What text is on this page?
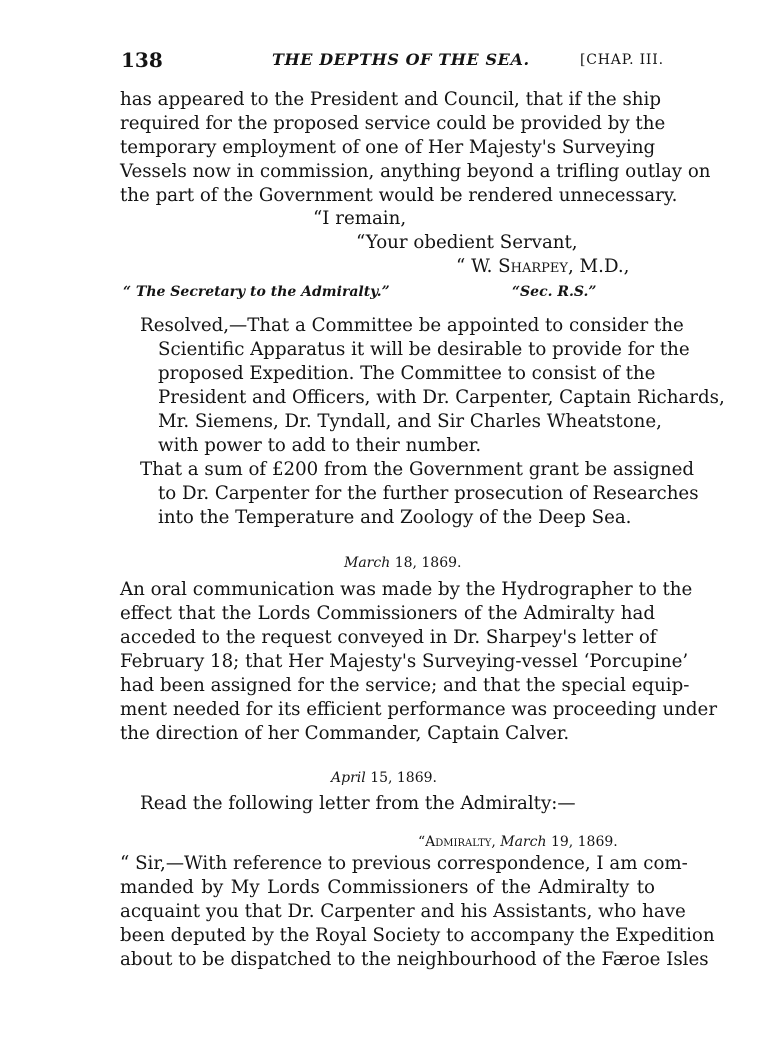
138	THE DEPTHS OF THE SEA.	[CHAP. III.
has appeared to the President and Council, that if the ship
required for the proposed service could be provided by the
temporary employment of one of Her Majesty's Surveying
Vessels now in commission, anything beyond a trifling outlay on
the part of the Government would be rendered unnecessary.
“I remain,
“Your obedient Servant,
“ W. Sharpey, M.D.,
“ The Secretary to the Admiralty.”	“Sec. R.S.”
Resolved,—That a Committee be appointed to consider the
Scientific Apparatus it will be desirable to provide for the
proposed Expedition. The Committee to consist of the
President and Officers, with Dr. Carpenter, Captain Richards,
Mr. Siemens, Dr. Tyndall, and Sir Charles Wheatstone,
with power to add to their number.
That a sum of £200 from the Government grant be assigned
to Dr. Carpenter for the further prosecution of Researches
into the Temperature and Zoology of the Deep Sea.
March 18, 1869.
An oral communication was made by the Hydrographer to the
effect that the Lords Commissioners of the Admiralty had
acceded to the request conveyed in Dr. Sharpey's letter of
February 18; that Her Majesty's Surveying-vessel ‘Porcupine’
had been assigned for the service; and that the special equip-
ment needed for its efficient performance was proceeding under
the direction of her Commander, Captain Calver.
April 15, 1869.
Read the following letter from the Admiralty:—
“Admiralty, March 19, 1869.
“ Sir,—With reference to previous correspondence, I am com-
manded by My Lords Commissioners of the Admiralty to
acquaint you that Dr. Carpenter and his Assistants, who have
been deputed by the Royal Society to accompany the Expedition
about to be dispatched to the neighbourhood of the Færoe Isles
